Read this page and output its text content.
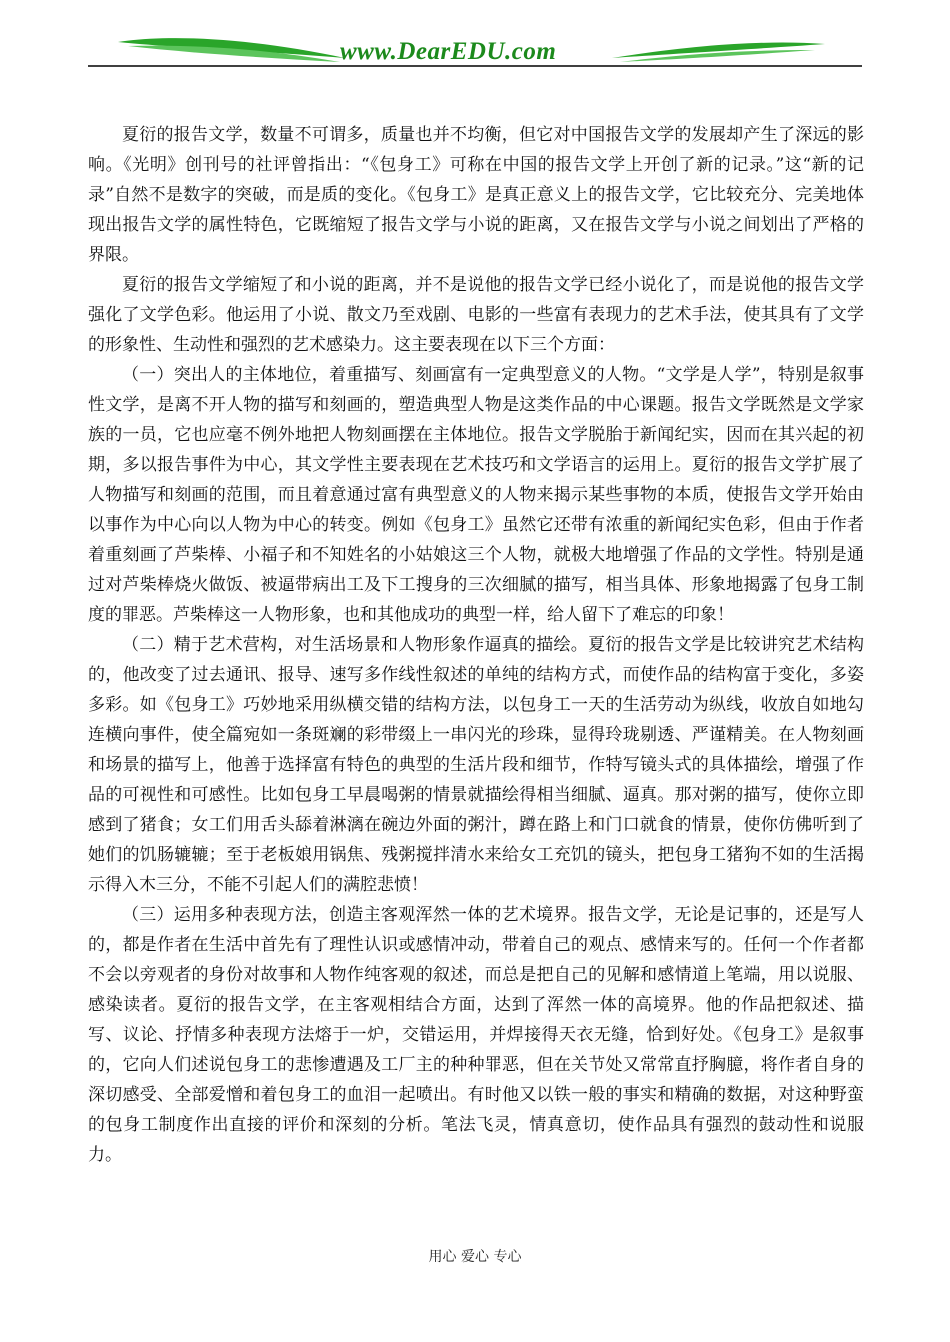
www.DearEDU.com

夏衍的报告文学，数量不可谓多，质量也并不均衡，但它对中国报告文学的发展却产生了深远的影响。《光明》创刊号的社评曾指出：“《包身工》可称在中国的报告文学上开创了新的记录。”这“新的记录”自然不是数字的突破，而是质的变化。《包身工》是真正意义上的报告文学，它比较充分、完美地体现出报告文学的属性特色，它既缩短了报告文学与小说的距离，又在报告文学与小说之间划出了严格的界限。

夏衍的报告文学缩短了和小说的距离，并不是说他的报告文学已经小说化了，而是说他的报告文学强化了文学色彩。他运用了小说、散文乃至戏剧、电影的一些富有表现力的艺术手法，使其具有了文学的形象性、生动性和强烈的艺术感染力。这主要表现在以下三个方面：

（一）突出人的主体地位，着重描写、刻画富有一定典型意义的人物。“文学是人学”，特别是叙事性文学，是离不开人物的描写和刻画的，塑造典型人物是这类作品的中心课题。报告文学既然是文学家族的一员，它也应毫不例外地把人物刻画摆在主体地位。报告文学脱胎于新闻纪实，因而在其兴起的初期，多以报告事件为中心，其文学性主要表现在艺术技巧和文学语言的运用上。夏衍的报告文学扩展了人物描写和刻画的范围，而且着意通过富有典型意义的人物来揭示某些事物的本质，使报告文学开始由以事作为中心向以人物为中心的转变。例如《包身工》虽然它还带有浓重的新闻纪实色彩，但由于作者着重刻画了芦柴棒、小福子和不知姓名的小姑娘这三个人物，就极大地增强了作品的文学性。特别是通过对芦柴棒烧火做饭、被逼带病出工及下工搜身的三次细腻的描写，相当具体、形象地揭露了包身工制度的罪恶。芦柴棒这一人物形象，也和其他成功的典型一样，给人留下了难忘的印象！

（二）精于艺术营构，对生活场景和人物形象作逼真的描绘。夏衍的报告文学是比较讲究艺术结构的，他改变了过去通讯、报导、速写多作线性叙述的单纯的结构方式，而使作品的结构富于变化，多姿多彩。如《包身工》巧妙地采用纵横交错的结构方法，以包身工一天的生活劳动为纵线，收放自如地勾连横向事件，使全篇宛如一条斑斓的彩带缀上一串闪光的珍珠，显得玲珑剔透、严谨精美。在人物刻画和场景的描写上，他善于选择富有特色的典型的生活片段和细节，作特写镜头式的具体描绘，增强了作品的可视性和可感性。比如包身工早晨喝粥的情景就描绘得相当细腻、逼真。那对粥的描写，使你立即感到了猪食；女工们用舌头舔着淋漓在碗边外面的粥汁，蹲在路上和门口就食的情景，使你仿佛听到了她们的饥肠辘辘；至于老板娘用锅焦、残粥搅拌清水来给女工充饥的镜头，把包身工猪狗不如的生活揭示得入木三分，不能不引起人们的满腔悲愤！

（三）运用多种表现方法，创造主客观浑然一体的艺术境界。报告文学，无论是记事的，还是写人的，都是作者在生活中首先有了理性认识或感情冲动，带着自己的观点、感情来写的。任何一个作者都不会以旁观者的身份对故事和人物作纯客观的叙述，而总是把自己的见解和感情道上笔端，用以说服、感染读者。夏衍的报告文学，在主客观相结合方面，达到了浑然一体的高境界。他的作品把叙述、描写、议论、抒情多种表现方法熔于一炉，交错运用，并焊接得天衣无缝，恰到好处。《包身工》是叙事的，它向人们述说包身工的悲惨遭遇及工厂主的种种罪恶，但在关节处又常常直抒胸臆，将作者自身的深切感受、全部爱憎和着包身工的血泪一起喷出。有时他又以铁一般的事实和精确的数据，对这种野蛮的包身工制度作出直接的评价和深刻的分析。笔法飞灵，情真意切，使作品具有强烈的鼓动性和说服力。

用心 爱心 专心
